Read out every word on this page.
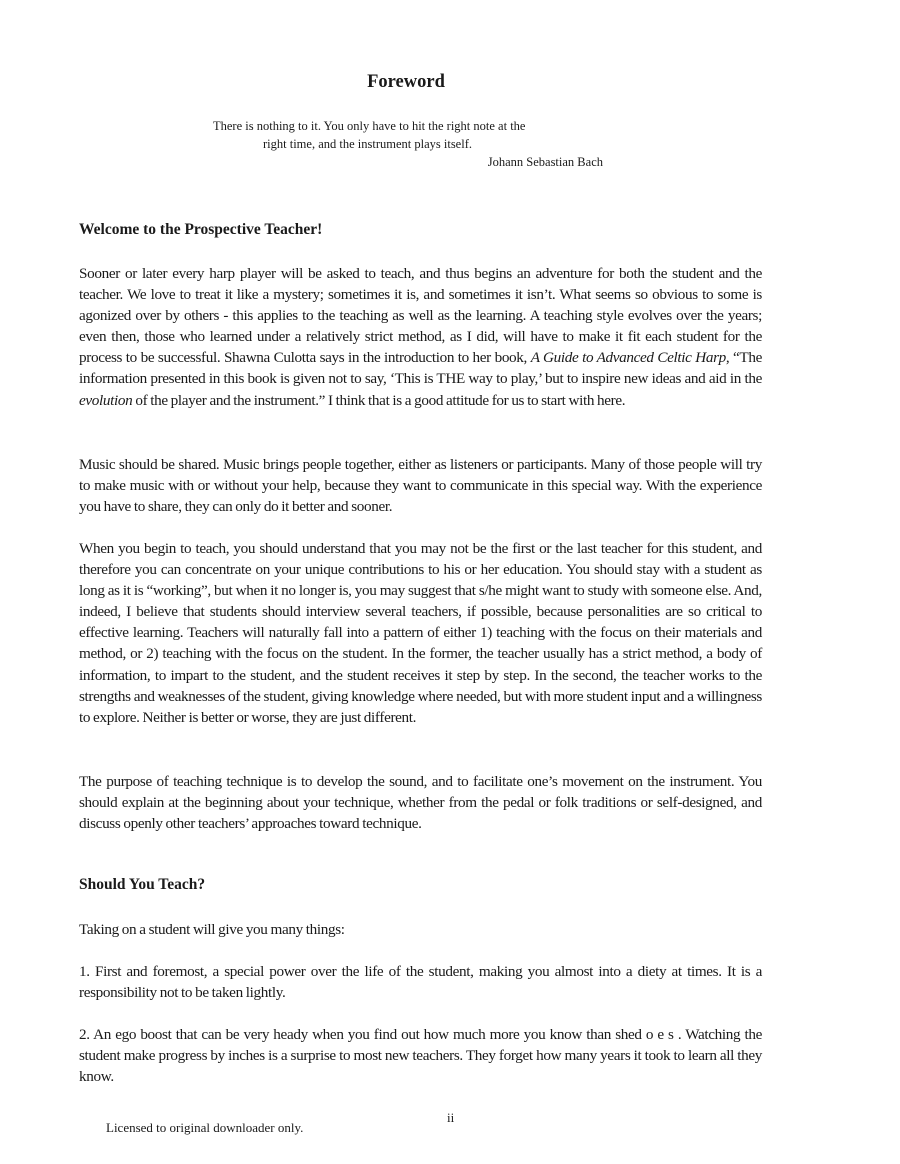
Foreword
There is nothing to it. You only have to hit the right note at the
right time, and the instrument plays itself.
Johann Sebastian Bach
Welcome to the Prospective Teacher!

Sooner or later every harp player will be asked to teach, and thus begins an adventure for both the student and the teacher. We love to treat it like a mystery; sometimes it is, and sometimes it isn’t. What seems so obvious to some is agonized over by others - this applies to the teaching as well as the learning. A teaching style evolves over the years; even then, those who learned under a relatively strict method, as I did, will have to make it fit each student for the process to be successful. Shawna Culotta says in the introduction to her book, A Guide to Advanced Celtic Harp, “The information presented in this book is given not to say, ‘This is THE way to play,’ but to inspire new ideas and aid in the evolution of the player and the instrument.” I think that is a good attitude for us to start with here.

Music should be shared. Music brings people together, either as listeners or participants. Many of those people will try to make music with or without your help, because they want to communicate in this special way. With the experience you have to share, they can only do it better and sooner.

When you begin to teach, you should understand that you may not be the first or the last teacher for this student, and therefore you can concentrate on your unique contributions to his or her education. You should stay with a student as long as it is “working”, but when it no longer is, you may suggest that s/he might want to study with someone else. And, indeed, I believe that students should interview several teachers, if possible, because personalities are so critical to effective learning. Teachers will naturally fall into a pattern of either 1) teaching with the focus on their materials and method, or 2) teaching with the focus on the student. In the former, the teacher usually has a strict method, a body of information, to impart to the student, and the student receives it step by step. In the second, the teacher works to the strengths and weaknesses of the student, giving knowledge where needed, but with more student input and a willingness to explore. Neither is better or worse, they are just different.

The purpose of teaching technique is to develop the sound, and to facilitate one’s movement on the instrument. You should explain at the beginning about your technique, whether from the pedal or folk traditions or self-designed, and discuss openly other teachers’ approaches toward technique.

Should You Teach?

Taking on a student will give you many things:

1. First and foremost, a special power over the life of the student, making you almost into a diety at times. It is a responsibility not to be taken lightly.

2. An ego boost that can be very heady when you find out how much more you know than shed o e s . Watching the student make progress by inches is a surprise to most new teachers. They forget how many years it took to learn all they know.

ii
Licensed to original downloader only.
